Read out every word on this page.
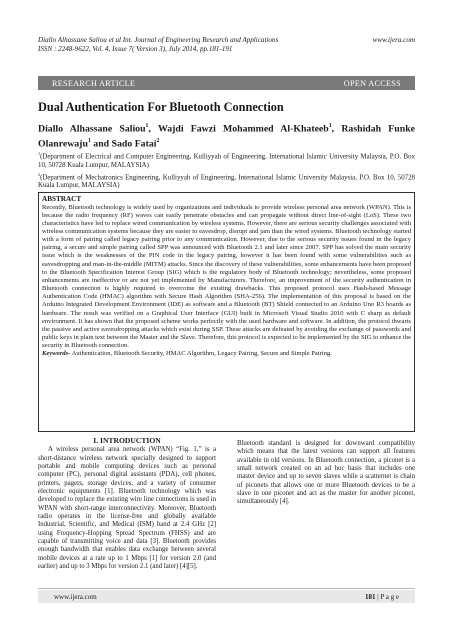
Diallo Alhassane Saliou et al Int. Journal of Engineering Research and Applications	www.ijera.com
ISSN : 2248-9622, Vol. 4, Issue 7( Version 3), July 2014, pp.181-191
RESEARCH ARTICLE	OPEN ACCESS
Dual Authentication For Bluetooth Connection
Diallo Alhassane Saliou$^1$, Wajdi Fawzi Mohammed Al-Khateeb$^1$, Rashidah Funke Olanrewaju$^1$ and Sado Fatai$^2$

$^1$(Department of Electrical and Computer Engineering, Kulliyyah of Engineering, International Islamic University Malaysia, P.O. Box 10, 50728 Kuala Lumpur, MALAYSIA)

$^2$(Department of Mechatronics Engineering, Kulliyyah of Engineering, International Islamic University Malaysia, P.O. Box 10, 50728 Kuala Lumpur, MALAYSIA)

ABSTRACT

Recently, Bluetooth technology is widely used by organizations and individuals to provide wireless personal area network (WPAN). This is because the radio frequency (RF) waves can easily penetrate obstacles and can propagate without direct line-of-sight (LoS). These two characteristics have led to replace wired communication by wireless systems. However, there are serious security challenges associated with wireless communication systems because they are easier to eavesdrop, disrupt and jam than the wired systems. Bluetooth technology started with a form of pairing called legacy pairing prior to any communication. However, due to the serious security issues found in the legacy pairing, a secure and simple pairing called SPP was announced with Bluetooth 2.1 and later since 2007. SPP has solved the main security issue which is the weaknesses of the PIN code in the legacy pairing, however it has been found with some vulnerabilities such as eavesdropping and man-in-the-middle (MITM) attacks. Since the discovery of these vulnerabilities, some enhancements have been proposed to the Bluetooth Specification Interest Group (SIG) which is the regulatory body of Bluetooth technology; nevertheless, some proposed enhancements are ineffective or are not yet implemented by Manufacturers. Therefore, an improvement of the security authentication in Bluetooth connection is highly required to overcome the existing drawbacks. This proposed protocol uses Hash-based Message Authentication Code (HMAC) algorithm with Secure Hash Algorithm (SHA-256). The implementation of this proposal is based on the Arduino Integrated Development Environment (IDE) as software and a Bluetooth (BT) Shield connected to an Arduino Uno R3 boards as hardware. The result was verified on a Graphical User Interface (GUI) built in Microsoft Visual Studio 2010 with C sharp as default environment. It has shown that the proposed scheme works perfectly with the used hardware and software. In addition, the protocol thwarts the passive and active eavesdropping attacks which exist during SSP. These attacks are defeated by avoiding the exchange of passwords and public keys in plain text between the Master and the Slave. Therefore, this protocol is expected to be implemented by the SIG to enhance the security in Bluetooth connection.

Keywords- Authentication, Bluetooth Security, HMAC Algorithm, Legacy Pairing, Secure and Simple Pairing.

I. INTRODUCTION

A wireless personal area network (WPAN) “Fig. 1,” is a short-distance wireless network specially designed to support portable and mobile computing devices such as personal computer (PC), personal digital assistants (PDA), cell phones, printers, pagers, storage devices, and a variety of consumer electronic equipments [1]. Bluetooth technology which was developed to replace the existing wire line connections is used in WPAN with short-range interconnectivity. Moreover, Bluetooth radio operates in the license-free and globally available Industrial, Scientific, and Medical (ISM) band at 2.4 GHz [2] using Frequency-Hopping Spread Spectrum (FHSS) and are capable of transmitting voice and data [3]. Bluetooth provides enough bandwidth that enables data exchange between several mobile devices at a rate up to 1 Mbps [1] for version 2.0 (and earlier) and up to 3 Mbps for version 2.1 (and later) [4][5].

Bluetooth standard is designed for downward compatibility which means that the latest versions can support all features available in old versions. In Bluetooth connection, a piconet is a small network created on an ad hoc basis that includes one master device and up to seven slaves while a scatternet is chain of piconets that allows one or more Bluetooth devices to be a slave in one piconet and act as the master for another piconet, simultaneously [4].

www.ijera.com	181 | P a g e
